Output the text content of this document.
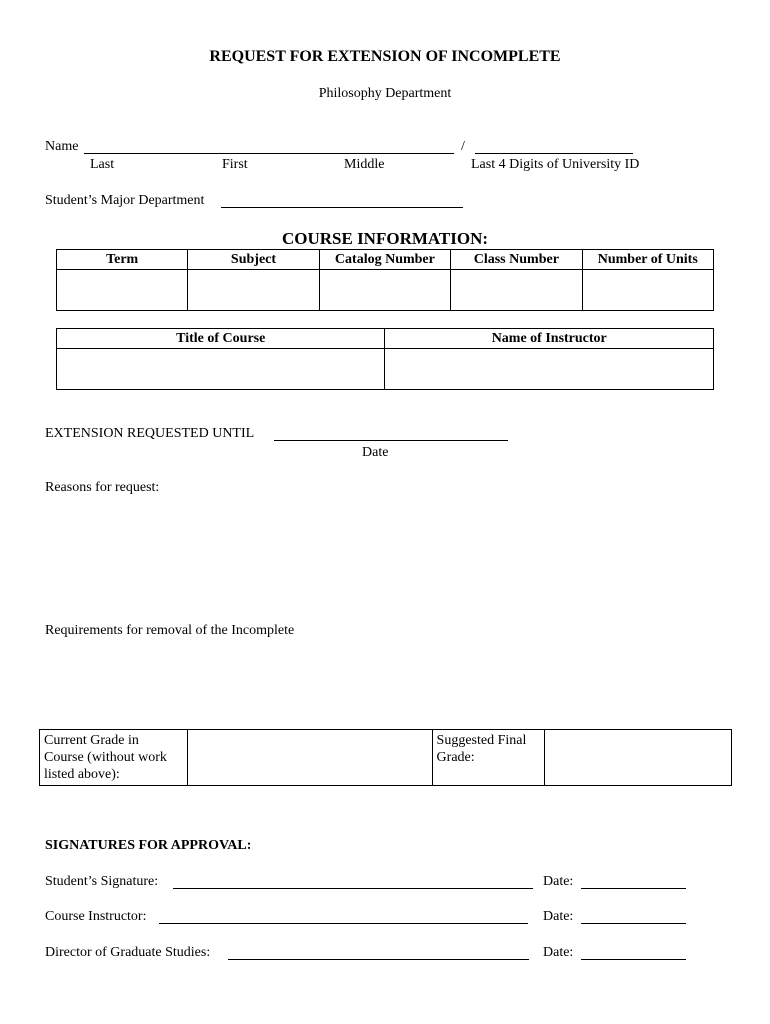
REQUEST FOR EXTENSION OF INCOMPLETE
Philosophy Department
Name	/
Last	First	Middle	Last 4 Digits of University ID
Student’s Major Department
COURSE INFORMATION:
Term	Subject	Catalog Number	Class Number	Number of Units

Title of Course	Name of Instructor

EXTENSION REQUESTED UNTIL
Date
Reasons for request:
Requirements for removal of the Incomplete
Current Grade in
Course (without work
listed above):

Suggested Final
Grade:

SIGNATURES FOR APPROVAL:
Student’s Signature:	Date:
Course Instructor:	Date:
Director of Graduate Studies:	Date:
